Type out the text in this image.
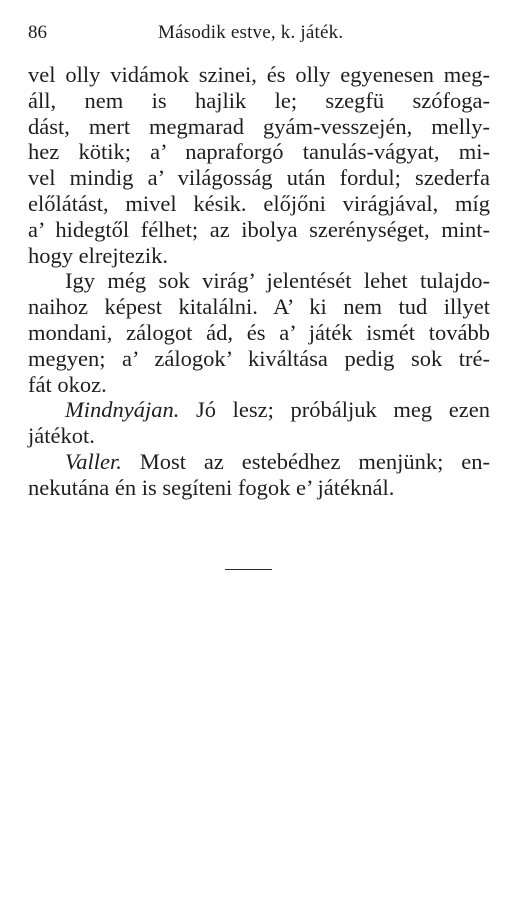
86	Második estve, k. játék.
vel olly vidámok szinei, és olly egyenesen meg-
áll, nem is hajlik le; szegfü szófoga-
dást, mert megmarad gyám-vesszején, melly-
hez kötik; a’ napraforgó tanulás-vágyat, mi-
vel mindig a’ világosság után fordul; szederfa
előlátást, mivel késik. előjőni virágjával, míg
a’ hidegtől félhet; az ibolya szerénységet, mint-
hogy elrejtezik.
Igy még sok virág’ jelentését lehet tulajdo-
naihoz képest kitalálni. A’ ki nem tud illyet
mondani, zálogot ád, és a’ játék ismét tovább
megyen; a’ zálogok’ kiváltása pedig sok tré-
fát okoz.
Mindnyájan. Jó lesz; próbáljuk meg ezen
játékot.
Valler. Most az estebédhez menjünk; en-
nekutána én is segíteni fogok e’ játéknál.
